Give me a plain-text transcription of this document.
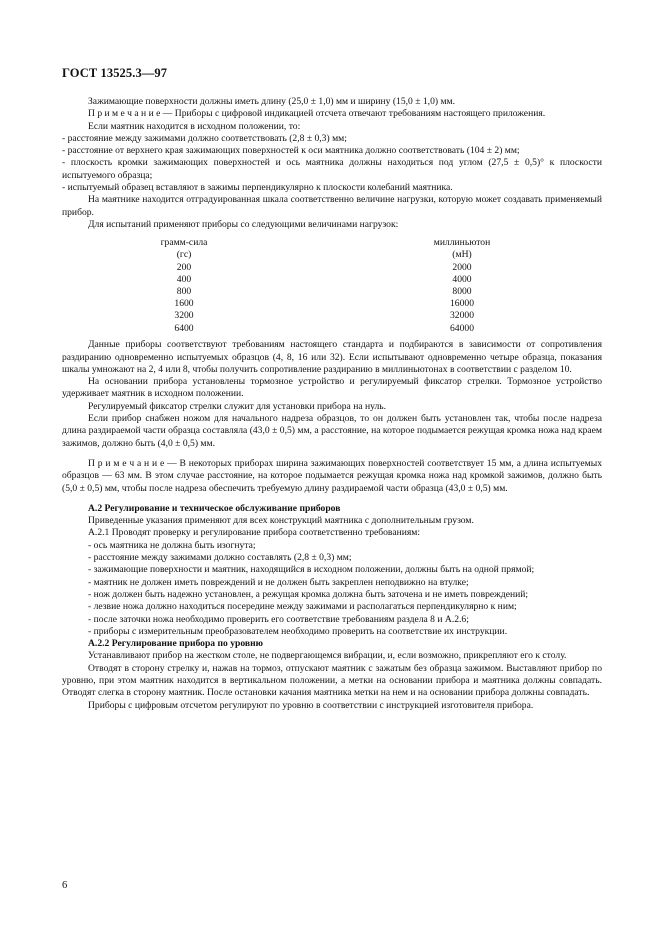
ГОСТ 13525.3—97

Зажимающие поверхности должны иметь длину (25,0 ± 1,0) мм и ширину (15,0 ± 1,0) мм.

П р и м е ч а н и е — Приборы с цифровой индикацией отсчета отвечают требованиям настоящего приложения.

Если маятник находится в исходном положении, то:

- расстояние между зажимами должно соответствовать (2,8 ± 0,3) мм;

- расстояние от верхнего края зажимающих поверхностей к оси маятника должно соответствовать (104 ± 2) мм;

- плоскость кромки зажимающих поверхностей и ось маятника должны находиться под углом (27,5 ± 0,5)° к плоскости испытуемого образца;

- испытуемый образец вставляют в зажимы перпендикулярно к плоскости колебаний маятника.

На маятнике находится отградуированная шкала соответственно величине нагрузки, которую может создавать применяемый прибор.

Для испытаний применяют приборы со следующими величинами нагрузок:

грамм-сила
(гс)
200
400
800
1600
3200
6400
миллиньютон
(мН)
2000
4000
8000
16000
32000
64000

Данные приборы соответствуют требованиям настоящего стандарта и подбираются в зависимости от сопротивления раздиранию одновременно испытуемых образцов (4, 8, 16 или 32). Если испытывают одновременно четыре образца, показания шкалы умножают на 2, 4 или 8, чтобы получить сопротивление раздиранию в миллиньютонах в соответствии с разделом 10.

На основании прибора установлены тормозное устройство и регулируемый фиксатор стрелки. Тормозное устройство удерживает маятник в исходном положении.

Регулируемый фиксатор стрелки служит для установки прибора на нуль.

Если прибор снабжен ножом для начального надреза образцов, то он должен быть установлен так, чтобы после надреза длина раздираемой части образца составляла (43,0 ± 0,5) мм, а расстояние, на которое подымается режущая кромка ножа над краем зажимов, должно быть (4,0 ± 0,5) мм.

П р и м е ч а н и е — В некоторых приборах ширина зажимающих поверхностей соответствует 15 мм, а длина испытуемых образцов — 63 мм. В этом случае расстояние, на которое подымается режущая кромка ножа над кромкой зажимов, должно быть (5,0 ± 0,5) мм, чтобы после надреза обеспечить требуемую длину раздираемой части образца (43,0 ± 0,5) мм.

А.2 Регулирование и техническое обслуживание приборов

Приведенные указания применяют для всех конструкций маятника с дополнительным грузом.

А.2.1 Проводят проверку и регулирование прибора соответственно требованиям:

- ось маятника не должна быть изогнута;

- расстояние между зажимами должно составлять (2,8 ± 0,3) мм;

- зажимающие поверхности и маятник, находящийся в исходном положении, должны быть на одной прямой;

- маятник не должен иметь повреждений и не должен быть закреплен неподвижно на втулке;

- нож должен быть надежно установлен, а режущая кромка должна быть заточена и не иметь повреждений;

- лезвие ножа должно находиться посередине между зажимами и располагаться перпендикулярно к ним;

- после заточки ножа необходимо проверить его соответствие требованиям раздела 8 и А.2.6;

- приборы с измерительным преобразователем необходимо проверить на соответствие их инструкции.

А.2.2 Регулирование прибора по уровню

Устанавливают прибор на жестком столе, не подвергающемся вибрации, и, если возможно, прикрепляют его к столу.

Отводят в сторону стрелку и, нажав на тормоз, отпускают маятник с зажатым без образца зажимом. Выставляют прибор по уровню, при этом маятник находится в вертикальном положении, а метки на основании прибора и маятника должны совпадать. Отводят слегка в сторону маятник. После остановки качания маятника метки на нем и на основании прибора должны совпадать.

Приборы с цифровым отсчетом регулируют по уровню в соответствии с инструкцией изготовителя прибора.

6
